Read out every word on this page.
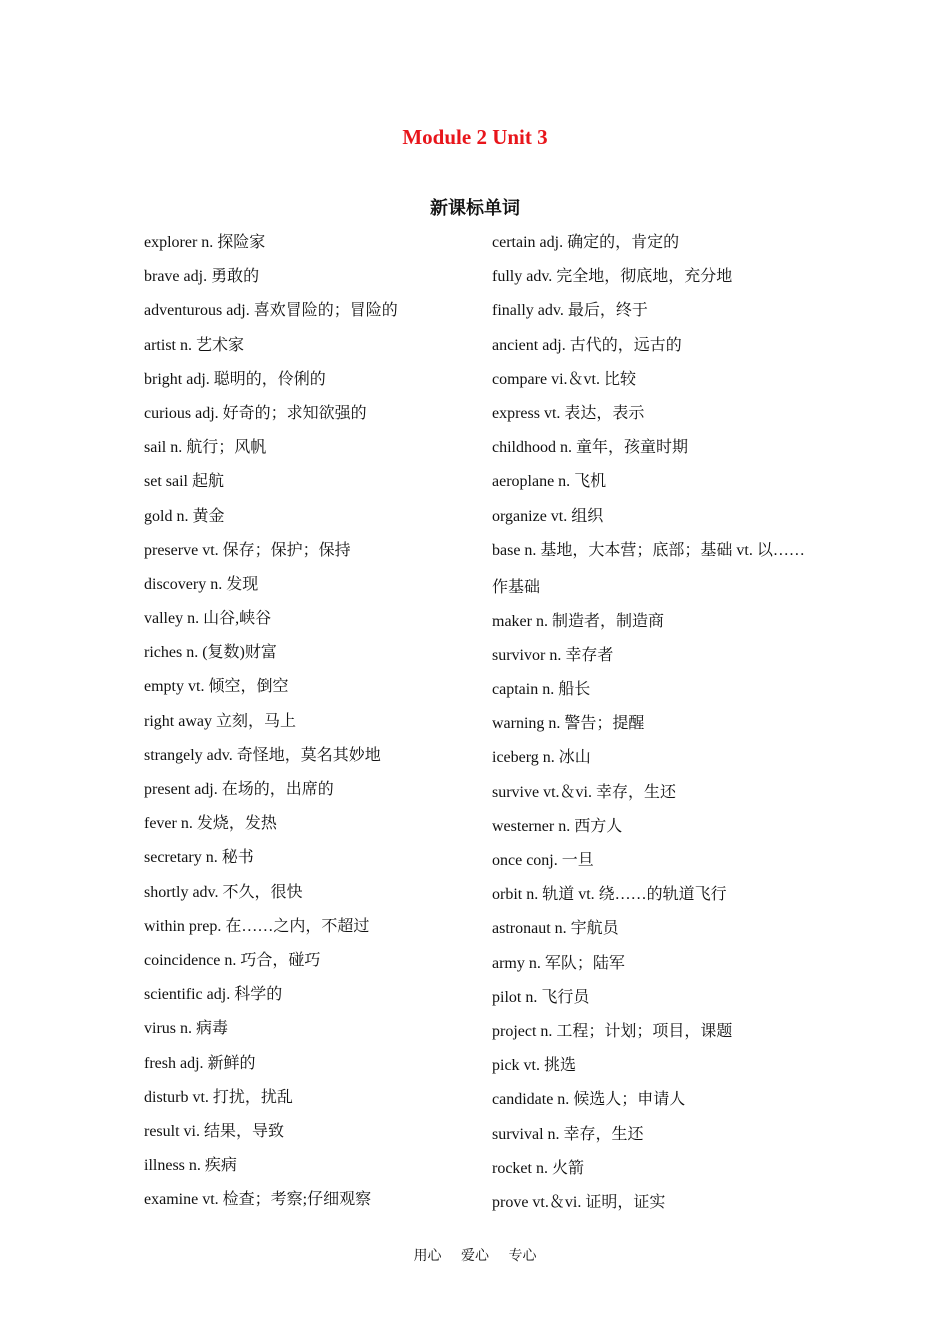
Module 2 Unit 3
新课标单词
explorer n. 探险家
brave adj. 勇敢的
adventurous adj. 喜欢冒险的；冒险的
artist n. 艺术家
bright adj. 聪明的，伶俐的
curious adj. 好奇的；求知欲强的
sail n. 航行；风帆
set sail 起航
gold n. 黄金
preserve vt. 保存；保护；保持
discovery n. 发现
valley n. 山谷,峡谷
riches n. (复数)财富
empty vt. 倾空，倒空
right away 立刻，马上
strangely adv. 奇怪地，莫名其妙地
present adj. 在场的，出席的
fever n. 发烧，发热
secretary n. 秘书
shortly adv. 不久，很快
within prep. 在……之内，不超过
coincidence n. 巧合，碰巧
scientific adj. 科学的
virus n. 病毒
fresh adj. 新鲜的
disturb vt. 打扰，扰乱
result vi. 结果，导致
illness n. 疾病
examine vt. 检查；考察;仔细观察
certain adj. 确定的，肯定的
fully adv. 完全地，彻底地，充分地
finally adv. 最后，终于
ancient adj. 古代的，远古的
compare vi.＆vt. 比较
express vt. 表达，表示
childhood n. 童年，孩童时期
aeroplane n. 飞机
organize vt. 组织
base n. 基地，大本营；底部；基础 vt. 以……
作基础
maker n. 制造者，制造商
survivor n. 幸存者
captain n. 船长
warning n. 警告；提醒
iceberg n. 冰山
survive vt.＆vi. 幸存，生还
westerner n. 西方人
once conj. 一旦
orbit n. 轨道 vt. 绕……的轨道飞行
astronaut n. 宇航员
army n. 军队；陆军
pilot n. 飞行员
project n. 工程；计划；项目，课题
pick vt. 挑选
candidate n. 候选人；申请人
survival n. 幸存，生还
rocket n. 火箭
prove vt.＆vi. 证明，证实
用心 爱心 专心
